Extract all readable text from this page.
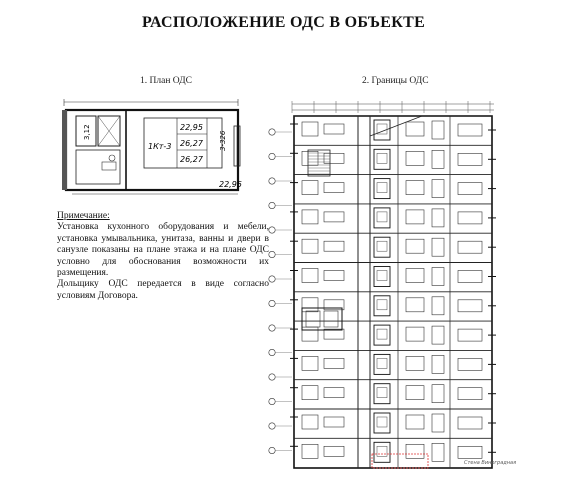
РАСПОЛОЖЕНИЕ ОДС В ОБЪЕКТЕ
1. План ОДС	2. Границы ОДС
3,12
1Кт-3
22,95
26,27
26,27
3-326
22,95

Примечание:

Установка кухонного оборудования и мебели, установка умывальника, унитаза, ванны и двери в санузле показаны на плане этажа и на плане ОДС условно для обоснования возможности их размещения.

Дольщику ОДС передается в виде согласно условиям Договора.

Стена Виноградная
